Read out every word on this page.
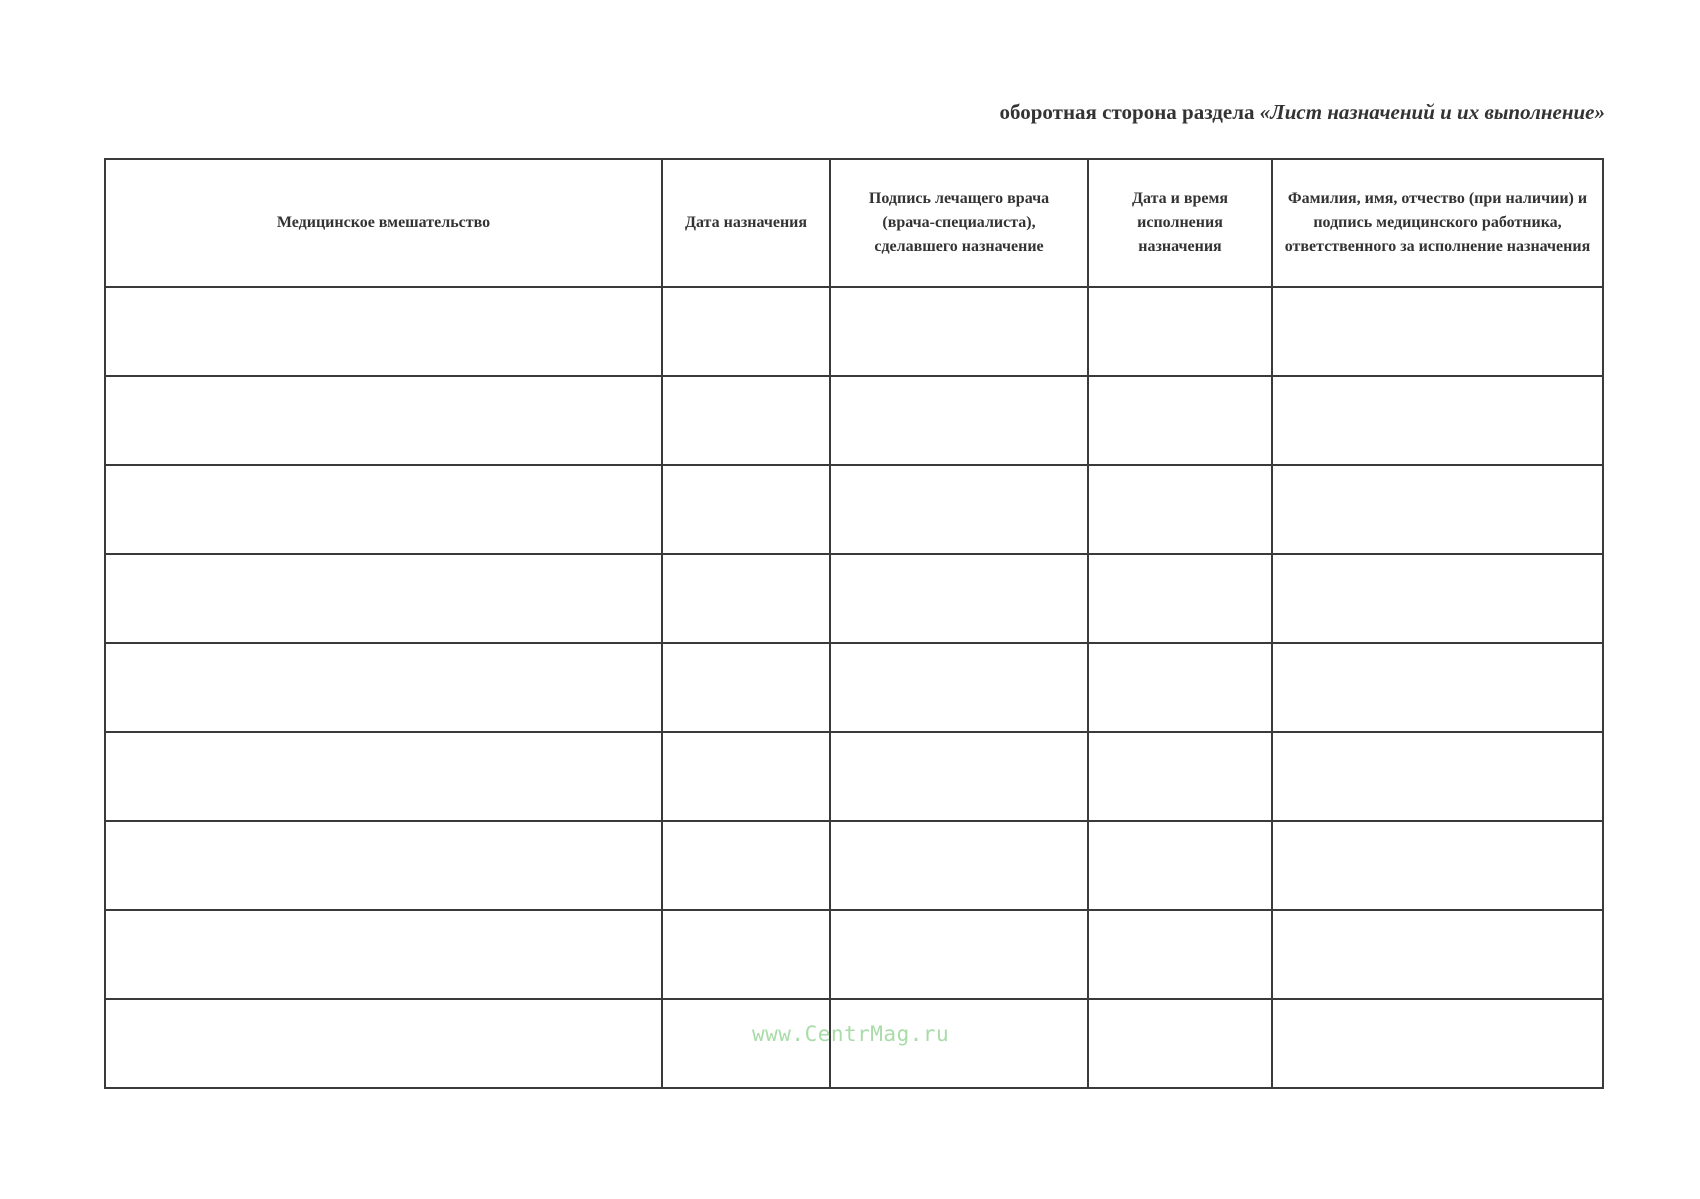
оборотная сторона раздела «Лист назначений и их выполнение»
Медицинское вмешательство	Дата назначения	Подпись лечащего врача (врача-специалиста), сделавшего назначение	Дата и время исполнения назначения	Фамилия, имя, отчество (при наличии) и подпись медицинского работника, ответственного за исполнение назначения

www.CentrMag.ru
